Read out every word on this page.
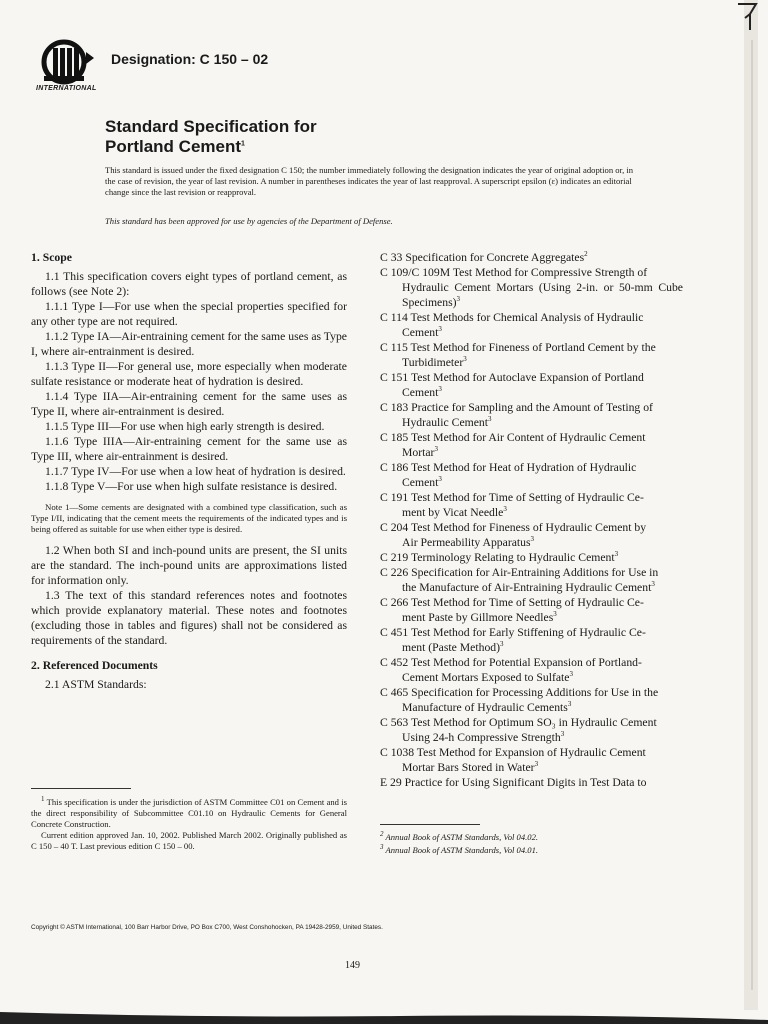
INTERNATIONAL
Designation: C 150 – 02
Standard Specification for
Portland Cement$^1$
This standard is issued under the fixed designation C 150; the number immediately following the designation indicates the year of original adoption or, in the case of revision, the year of last revision. A number in parentheses indicates the year of last reapproval. A superscript epsilon (ε) indicates an editorial change since the last revision or reapproval.
This standard has been approved for use by agencies of the Department of Defense.
1. Scope
1.1 This specification covers eight types of portland cement, as follows (see Note 2):
1.1.1 Type I—For use when the special properties specified for any other type are not required.
1.1.2 Type IA—Air-entraining cement for the same uses as Type I, where air-entrainment is desired.
1.1.3 Type II—For general use, more especially when moderate sulfate resistance or moderate heat of hydration is desired.
1.1.4 Type IIA—Air-entraining cement for the same uses as Type II, where air-entrainment is desired.
1.1.5 Type III—For use when high early strength is desired.
1.1.6 Type IIIA—Air-entraining cement for the same use as Type III, where air-entrainment is desired.
1.1.7 Type IV—For use when a low heat of hydration is desired.
1.1.8 Type V—For use when high sulfate resistance is desired.
Note 1—Some cements are designated with a combined type classification, such as Type I/II, indicating that the cement meets the requirements of the indicated types and is being offered as suitable for use when either type is desired.
1.2 When both SI and inch-pound units are present, the SI units are the standard. The inch-pound units are approximations listed for information only.
1.3 The text of this standard references notes and footnotes which provide explanatory material. These notes and footnotes (excluding those in tables and figures) shall not be considered as requirements of the standard.
2. Referenced Documents
2.1 ASTM Standards:
C 33 Specification for Concrete Aggregates$^2$
C 109/C 109M Test Method for Compressive Strength of
Hydraulic Cement Mortars (Using 2-in. or 50-mm Cube Specimens)$^3$
C 114 Test Methods for Chemical Analysis of Hydraulic
Cement$^3$
C 115 Test Method for Fineness of Portland Cement by the
Turbidimeter$^3$
C 151 Test Method for Autoclave Expansion of Portland
Cement$^3$
C 183 Practice for Sampling and the Amount of Testing of
Hydraulic Cement$^3$
C 185 Test Method for Air Content of Hydraulic Cement
Mortar$^3$
C 186 Test Method for Heat of Hydration of Hydraulic
Cement$^3$
C 191 Test Method for Time of Setting of Hydraulic Ce-
ment by Vicat Needle$^3$
C 204 Test Method for Fineness of Hydraulic Cement by
Air Permeability Apparatus$^3$
C 219 Terminology Relating to Hydraulic Cement$^3$
C 226 Specification for Air-Entraining Additions for Use in
the Manufacture of Air-Entraining Hydraulic Cement$^3$
C 266 Test Method for Time of Setting of Hydraulic Ce-
ment Paste by Gillmore Needles$^3$
C 451 Test Method for Early Stiffening of Hydraulic Ce-
ment (Paste Method)$^3$
C 452 Test Method for Potential Expansion of Portland-
Cement Mortars Exposed to Sulfate$^3$
C 465 Specification for Processing Additions for Use in the
Manufacture of Hydraulic Cements$^3$
C 563 Test Method for Optimum SO₃ in Hydraulic Cement
Using 24-h Compressive Strength$^3$
C 1038 Test Method for Expansion of Hydraulic Cement
Mortar Bars Stored in Water$^3$
E 29 Practice for Using Significant Digits in Test Data to
$^1$ This specification is under the jurisdiction of ASTM Committee C01 on Cement and is the direct responsibility of Subcommittee C01.10 on Hydraulic Cements for General Concrete Construction.
Current edition approved Jan. 10, 2002. Published March 2002. Originally published as C 150 – 40 T. Last previous edition C 150 – 00.
$^2$ Annual Book of ASTM Standards, Vol 04.02.
$^3$ Annual Book of ASTM Standards, Vol 04.01.
Copyright © ASTM International, 100 Barr Harbor Drive, PO Box C700, West Conshohocken, PA 19428-2959, United States.
149
